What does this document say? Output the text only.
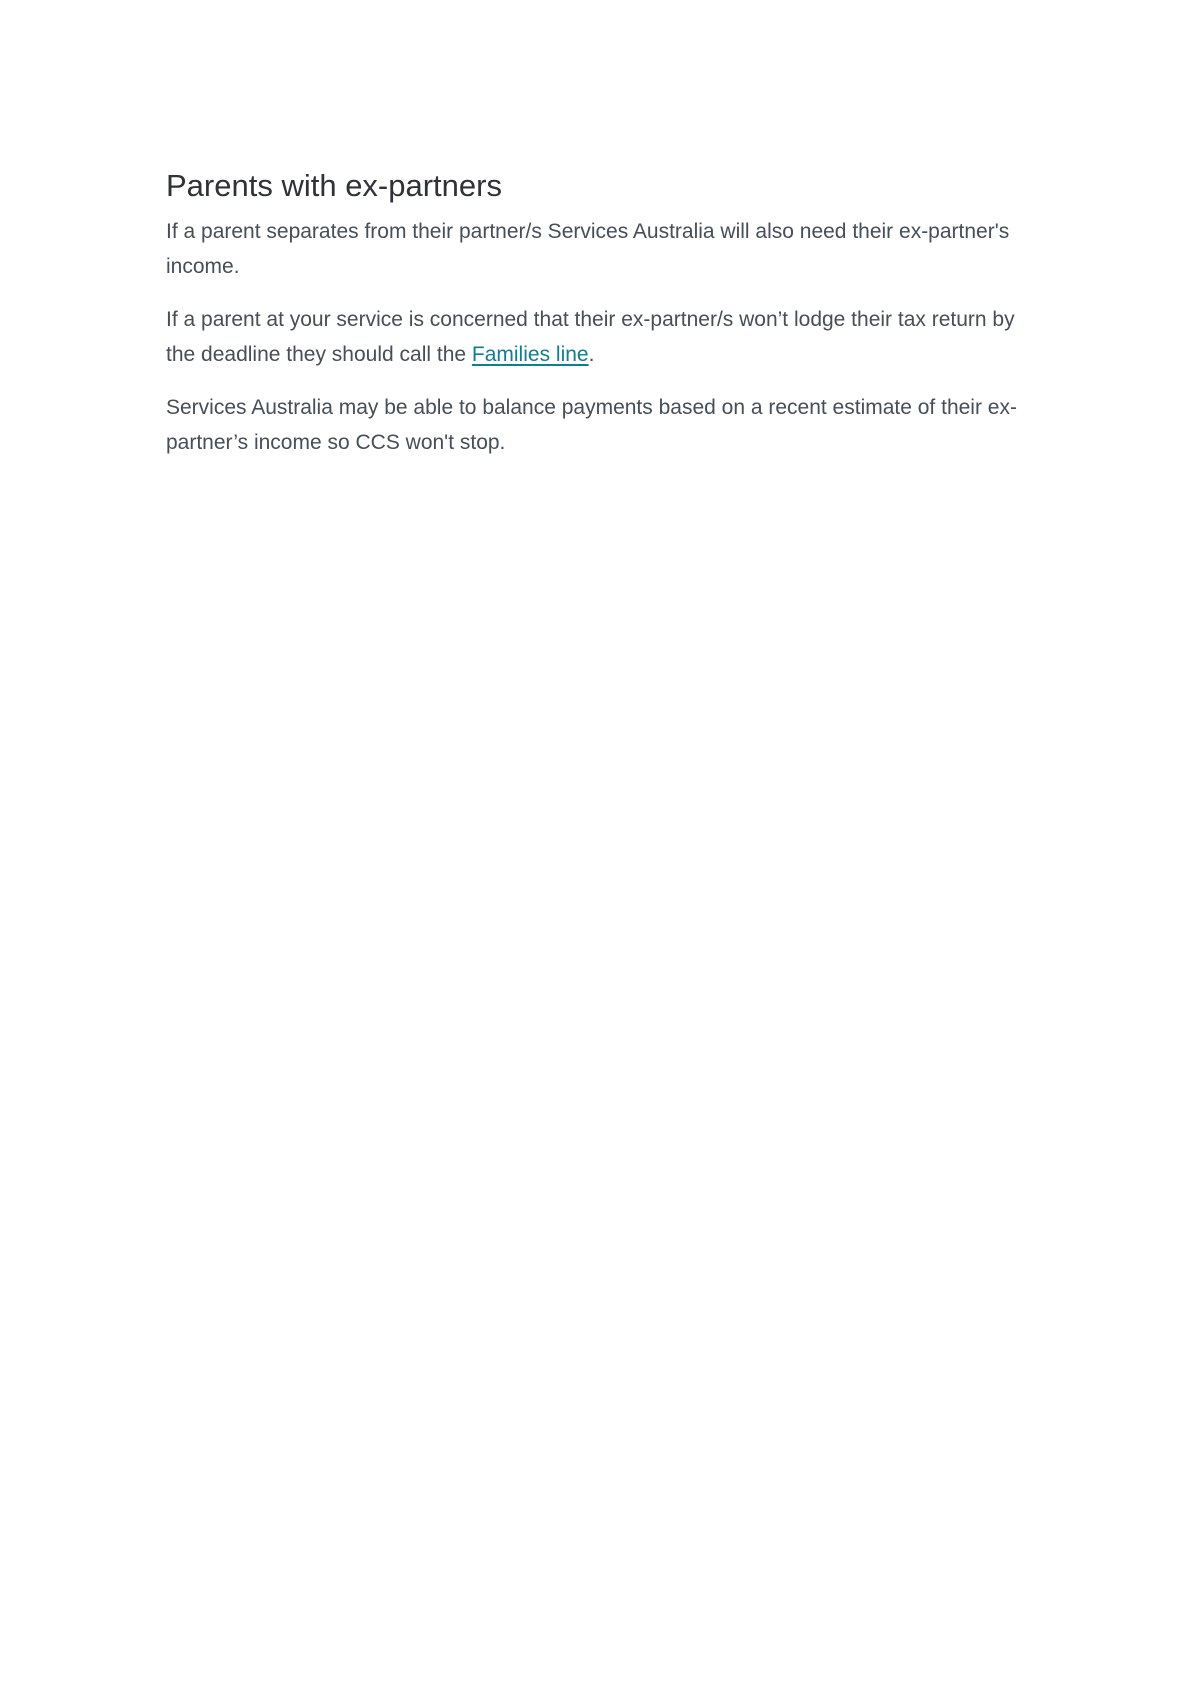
Parents with ex-partners

If a parent separates from their partner/s Services Australia will also need their ex-partner's income.

If a parent at your service is concerned that their ex-partner/s won’t lodge their tax return by the deadline they should call the Families line.

Services Australia may be able to balance payments based on a recent estimate of their ex-partner’s income so CCS won't stop.
